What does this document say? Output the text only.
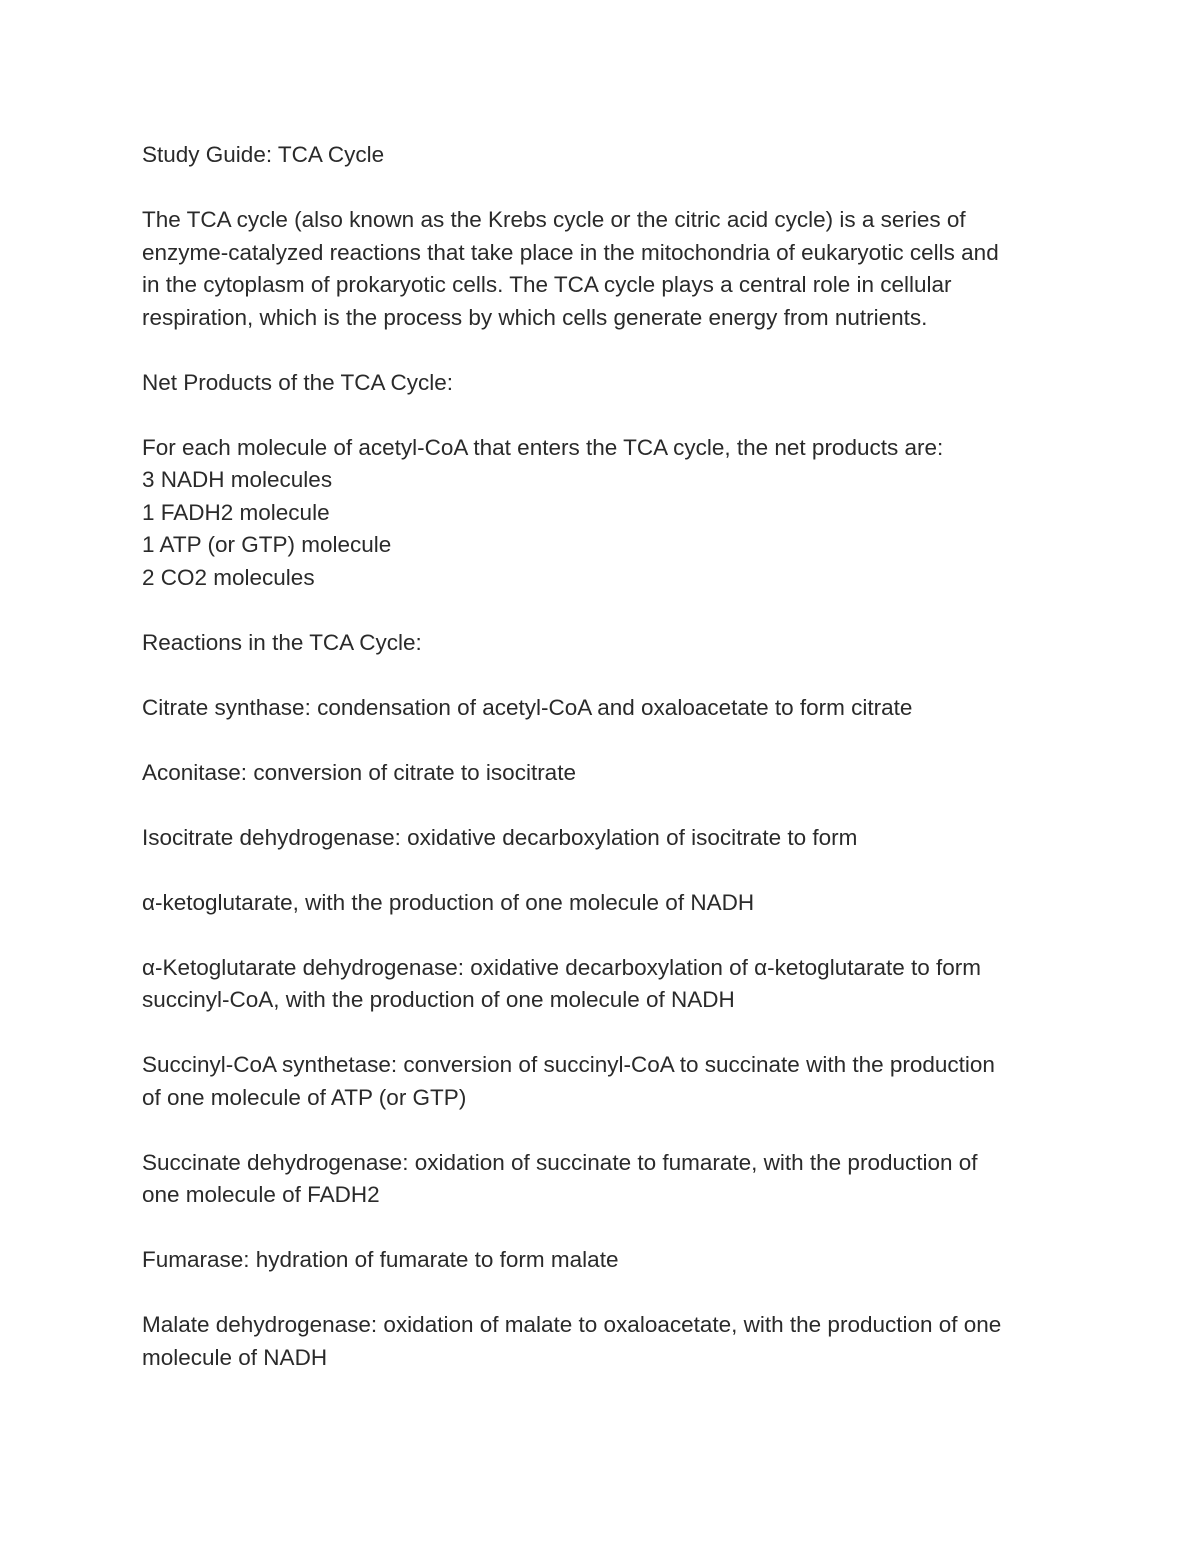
Study Guide: TCA Cycle
The TCA cycle (also known as the Krebs cycle or the citric acid cycle) is a series of
enzyme-catalyzed reactions that take place in the mitochondria of eukaryotic cells and
in the cytoplasm of prokaryotic cells. The TCA cycle plays a central role in cellular
respiration, which is the process by which cells generate energy from nutrients.
Net Products of the TCA Cycle:
For each molecule of acetyl-CoA that enters the TCA cycle, the net products are:
3 NADH molecules
1 FADH2 molecule
1 ATP (or GTP) molecule
2 CO2 molecules
Reactions in the TCA Cycle:
Citrate synthase: condensation of acetyl-CoA and oxaloacetate to form citrate
Aconitase: conversion of citrate to isocitrate
Isocitrate dehydrogenase: oxidative decarboxylation of isocitrate to form
α-ketoglutarate, with the production of one molecule of NADH
α-Ketoglutarate dehydrogenase: oxidative decarboxylation of α-ketoglutarate to form
succinyl-CoA, with the production of one molecule of NADH
Succinyl-CoA synthetase: conversion of succinyl-CoA to succinate with the production
of one molecule of ATP (or GTP)
Succinate dehydrogenase: oxidation of succinate to fumarate, with the production of
one molecule of FADH2
Fumarase: hydration of fumarate to form malate
Malate dehydrogenase: oxidation of malate to oxaloacetate, with the production of one
molecule of NADH
